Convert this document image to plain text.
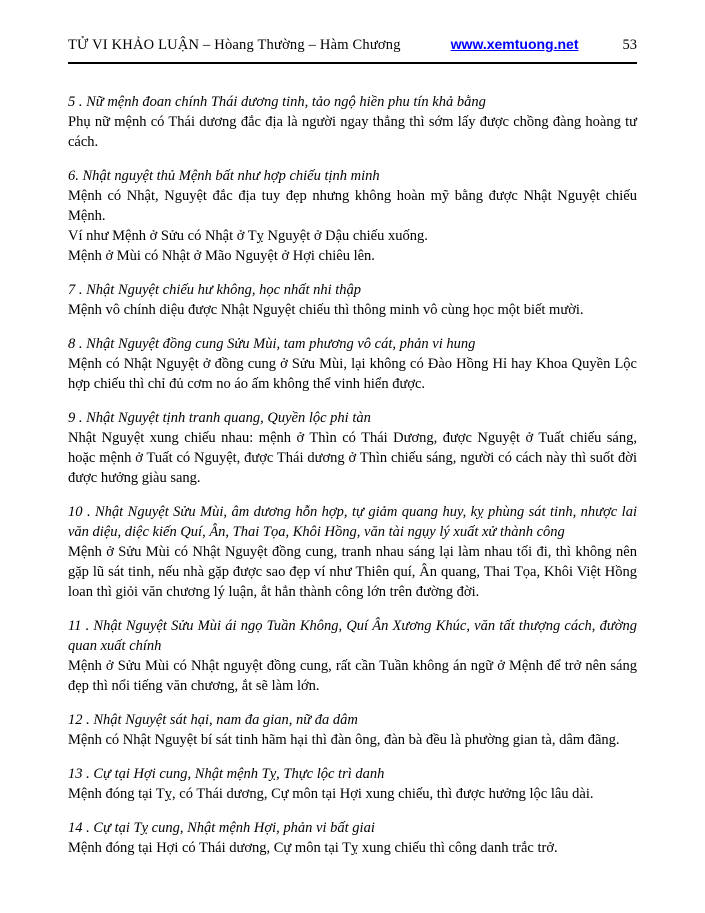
TỬ VI KHẢO LUẬN – Hòang Thường – Hàm Chương	www.xemtuong.net	53
5 . Nữ mệnh đoan chính Thái dương tinh, tảo ngộ hiền phu tín khả bằng
Phụ nữ mệnh có Thái dương đắc địa là người ngay thẳng thì sớm lấy được chồng đàng hoàng tư cách.
6. Nhật nguyệt thủ Mệnh bất như hợp chiếu tịnh minh
Mệnh có Nhật, Nguyệt đắc địa tuy đẹp nhưng không hoàn mỹ bằng được Nhật Nguyệt chiếu Mệnh.
Ví như Mệnh ở Sửu có Nhật ở Tỵ Nguyệt ở Dậu chiếu xuống.
Mệnh ở Mùi có Nhật ở Mão Nguyệt ở Hợi chiêu lên.
7 . Nhật Nguyệt chiếu hư không, học nhất nhi thập
Mệnh vô chính diệu được Nhật Nguyệt chiếu thì thông minh vô cùng học một biết mười.
8 . Nhật Nguyệt đồng cung Sửu Mùi, tam phương vô cát, phản vi hung
Mệnh có Nhật Nguyệt ở đồng cung ở Sửu Mùi, lại không có Đào Hồng Hỉ hay Khoa Quyền Lộc hợp chiếu thì chỉ đủ cơm no áo ấm không thể vinh hiển được.
9 . Nhật Nguyệt tịnh tranh quang, Quyền lộc phi tàn
Nhật Nguyệt xung chiếu nhau: mệnh ở Thìn có Thái Dương, được Nguyệt ở Tuất chiếu sáng, hoặc mệnh ở Tuất có Nguyệt, được Thái dương ở Thìn chiếu sáng, người có cách này thì suốt đời được hưởng giàu sang.
10 . Nhật Nguyệt Sửu Mùi, âm dương hỗn hợp, tự giảm quang huy, kỵ phùng sát tinh, nhược lai văn diệu, diệc kiến Quí, Ân, Thai Tọa, Khôi Hồng, văn tài ngụy lý xuất xử thành công
Mệnh ở Sửu Mùi có Nhật Nguyệt đồng cung, tranh nhau sáng lại làm nhau tối đi, thì không nên gặp lũ sát tinh, nếu nhà gặp được sao đẹp ví như Thiên quí, Ân quang, Thai Tọa, Khôi Việt Hồng loan thì giỏi văn chương lý luận, ắt hẳn thành công lớn trên đường đời.
11 . Nhật Nguyệt Sửu Mùi ái ngọ Tuần Không, Quí Ân Xương Khúc, văn tất thượng cách, đường quan xuất chính
Mệnh ở Sửu Mùi có Nhật nguyệt đồng cung, rất cần Tuần không án ngữ ở Mệnh để trở nên sáng đẹp thì nổi tiếng văn chương, ắt sẽ làm lớn.
12 . Nhật Nguyệt sát hại, nam đa gian, nữ đa dâm
Mệnh có Nhật Nguyệt bí sát tinh hãm hại thì đàn ông, đàn bà đều là phường gian tà, dâm đãng.
13 . Cự tại Hợi cung, Nhật mệnh Tỵ, Thực lộc trì danh
Mệnh đóng tại Tỵ, có Thái dương, Cự môn tại Hợi xung chiếu, thì được hưởng lộc lâu dài.
14 . Cự tại Tỵ cung, Nhật mệnh Hợi, phản vi bất giai
Mệnh đóng tại Hợi có Thái dương, Cự môn tại Tỵ xung chiếu thì công danh trắc trở.
